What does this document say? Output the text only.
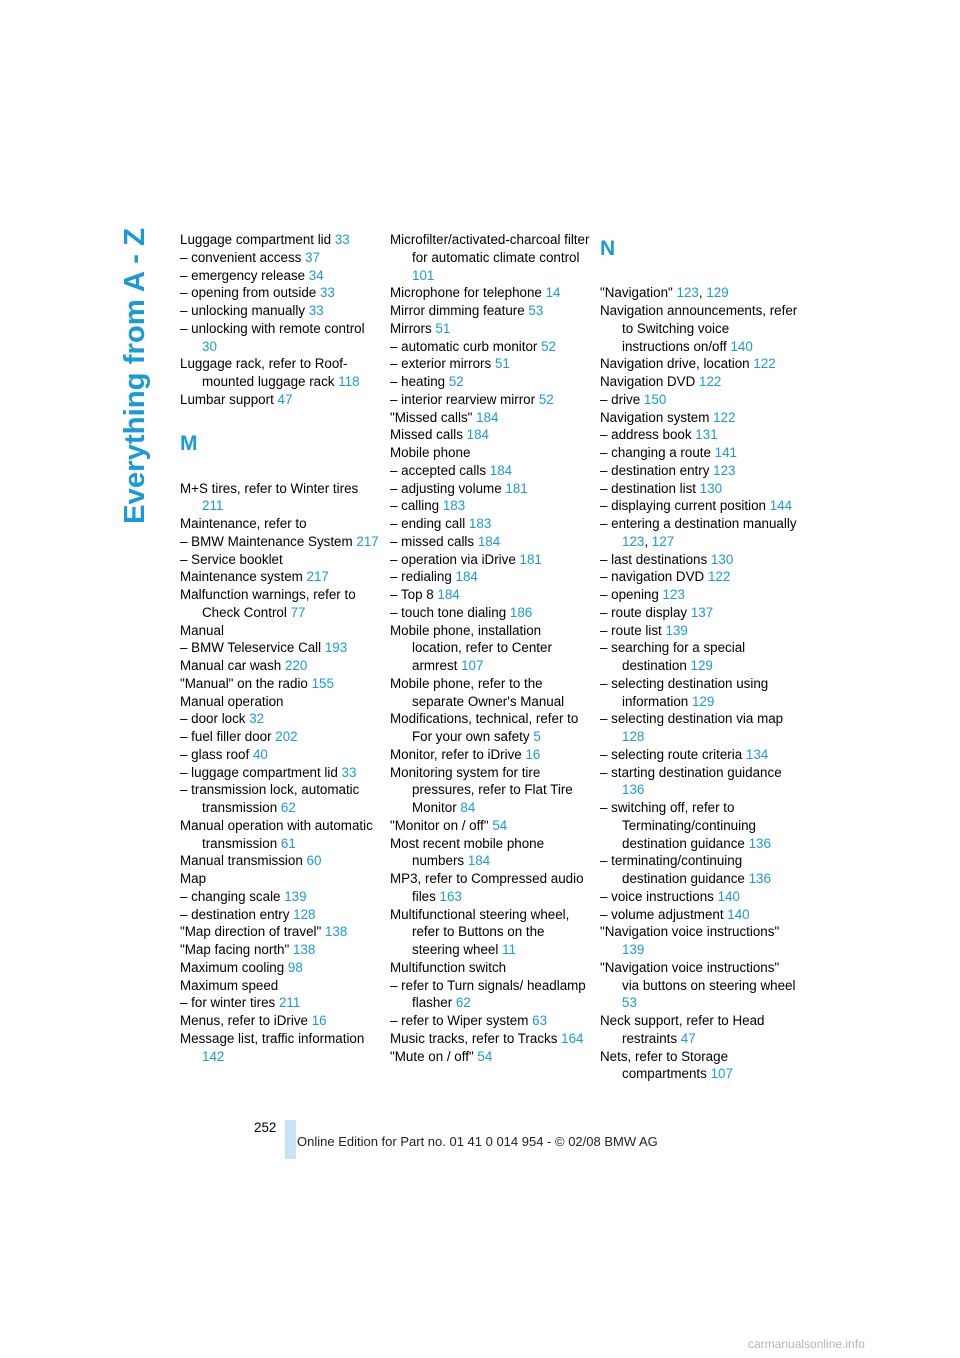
Everything from A - Z Luggage compartment lid 33
– convenient access 37
– emergency release 34
– opening from outside 33
– unlocking manually 33
– unlocking with remote control 30
Luggage rack, refer to Roof-mounted luggage rack 118
Lumbar support 47
M
M+S tires, refer to Winter tires 211
Maintenance, refer to
– BMW Maintenance System 217
– Service booklet
Maintenance system 217
Malfunction warnings, refer to Check Control 77
Manual
– BMW Teleservice Call 193
Manual car wash 220
"Manual" on the radio 155
Manual operation
– door lock 32
– fuel filler door 202
– glass roof 40
– luggage compartment lid 33
– transmission lock, automatic transmission 62
Manual operation with automatic transmission 61
Manual transmission 60
Map
– changing scale 139
– destination entry 128
"Map direction of travel" 138
"Map facing north" 138
Maximum cooling 98
Maximum speed
– for winter tires 211
Menus, refer to iDrive 16
Message list, traffic information 142
Microfilter/activated-charcoal filter for automatic climate control 101
Microphone for telephone 14
Mirror dimming feature 53
Mirrors 51
– automatic curb monitor 52
– exterior mirrors 51
– heating 52
– interior rearview mirror 52
"Missed calls" 184
Missed calls 184
Mobile phone
– accepted calls 184
– adjusting volume 181
– calling 183
– ending call 183
– missed calls 184
– operation via iDrive 181
– redialing 184
– Top 8 184
– touch tone dialing 186
Mobile phone, installation location, refer to Center armrest 107
Mobile phone, refer to the separate Owner's Manual
Modifications, technical, refer to For your own safety 5
Monitor, refer to iDrive 16
Monitoring system for tire pressures, refer to Flat Tire Monitor 84
"Monitor on / off" 54
Most recent mobile phone numbers 184
MP3, refer to Compressed audio files 163
Multifunctional steering wheel, refer to Buttons on the steering wheel 11
Multifunction switch
– refer to Turn signals/ headlamp flasher 62
– refer to Wiper system 63
Music tracks, refer to Tracks 164
"Mute on / off" 54
N
"Navigation" 123, 129
Navigation announcements, refer to Switching voice instructions on/off 140
Navigation drive, location 122
Navigation DVD 122
– drive 150
Navigation system 122
– address book 131
– changing a route 141
– destination entry 123
– destination list 130
– displaying current position 144
– entering a destination manually 123, 127
– last destinations 130
– navigation DVD 122
– opening 123
– route display 137
– route list 139
– searching for a special destination 129
– selecting destination using information 129
– selecting destination via map 128
– selecting route criteria 134
– starting destination guidance 136
– switching off, refer to Terminating/continuing destination guidance 136
– terminating/continuing destination guidance 136
– voice instructions 140
– volume adjustment 140
"Navigation voice instructions" 139
"Navigation voice instructions" via buttons on steering wheel 53
Neck support, refer to Head restraints 47
Nets, refer to Storage compartments 107
252
Online Edition for Part no. 01 41 0 014 954 - © 02/08 BMW AG
carmanualsonline.info
